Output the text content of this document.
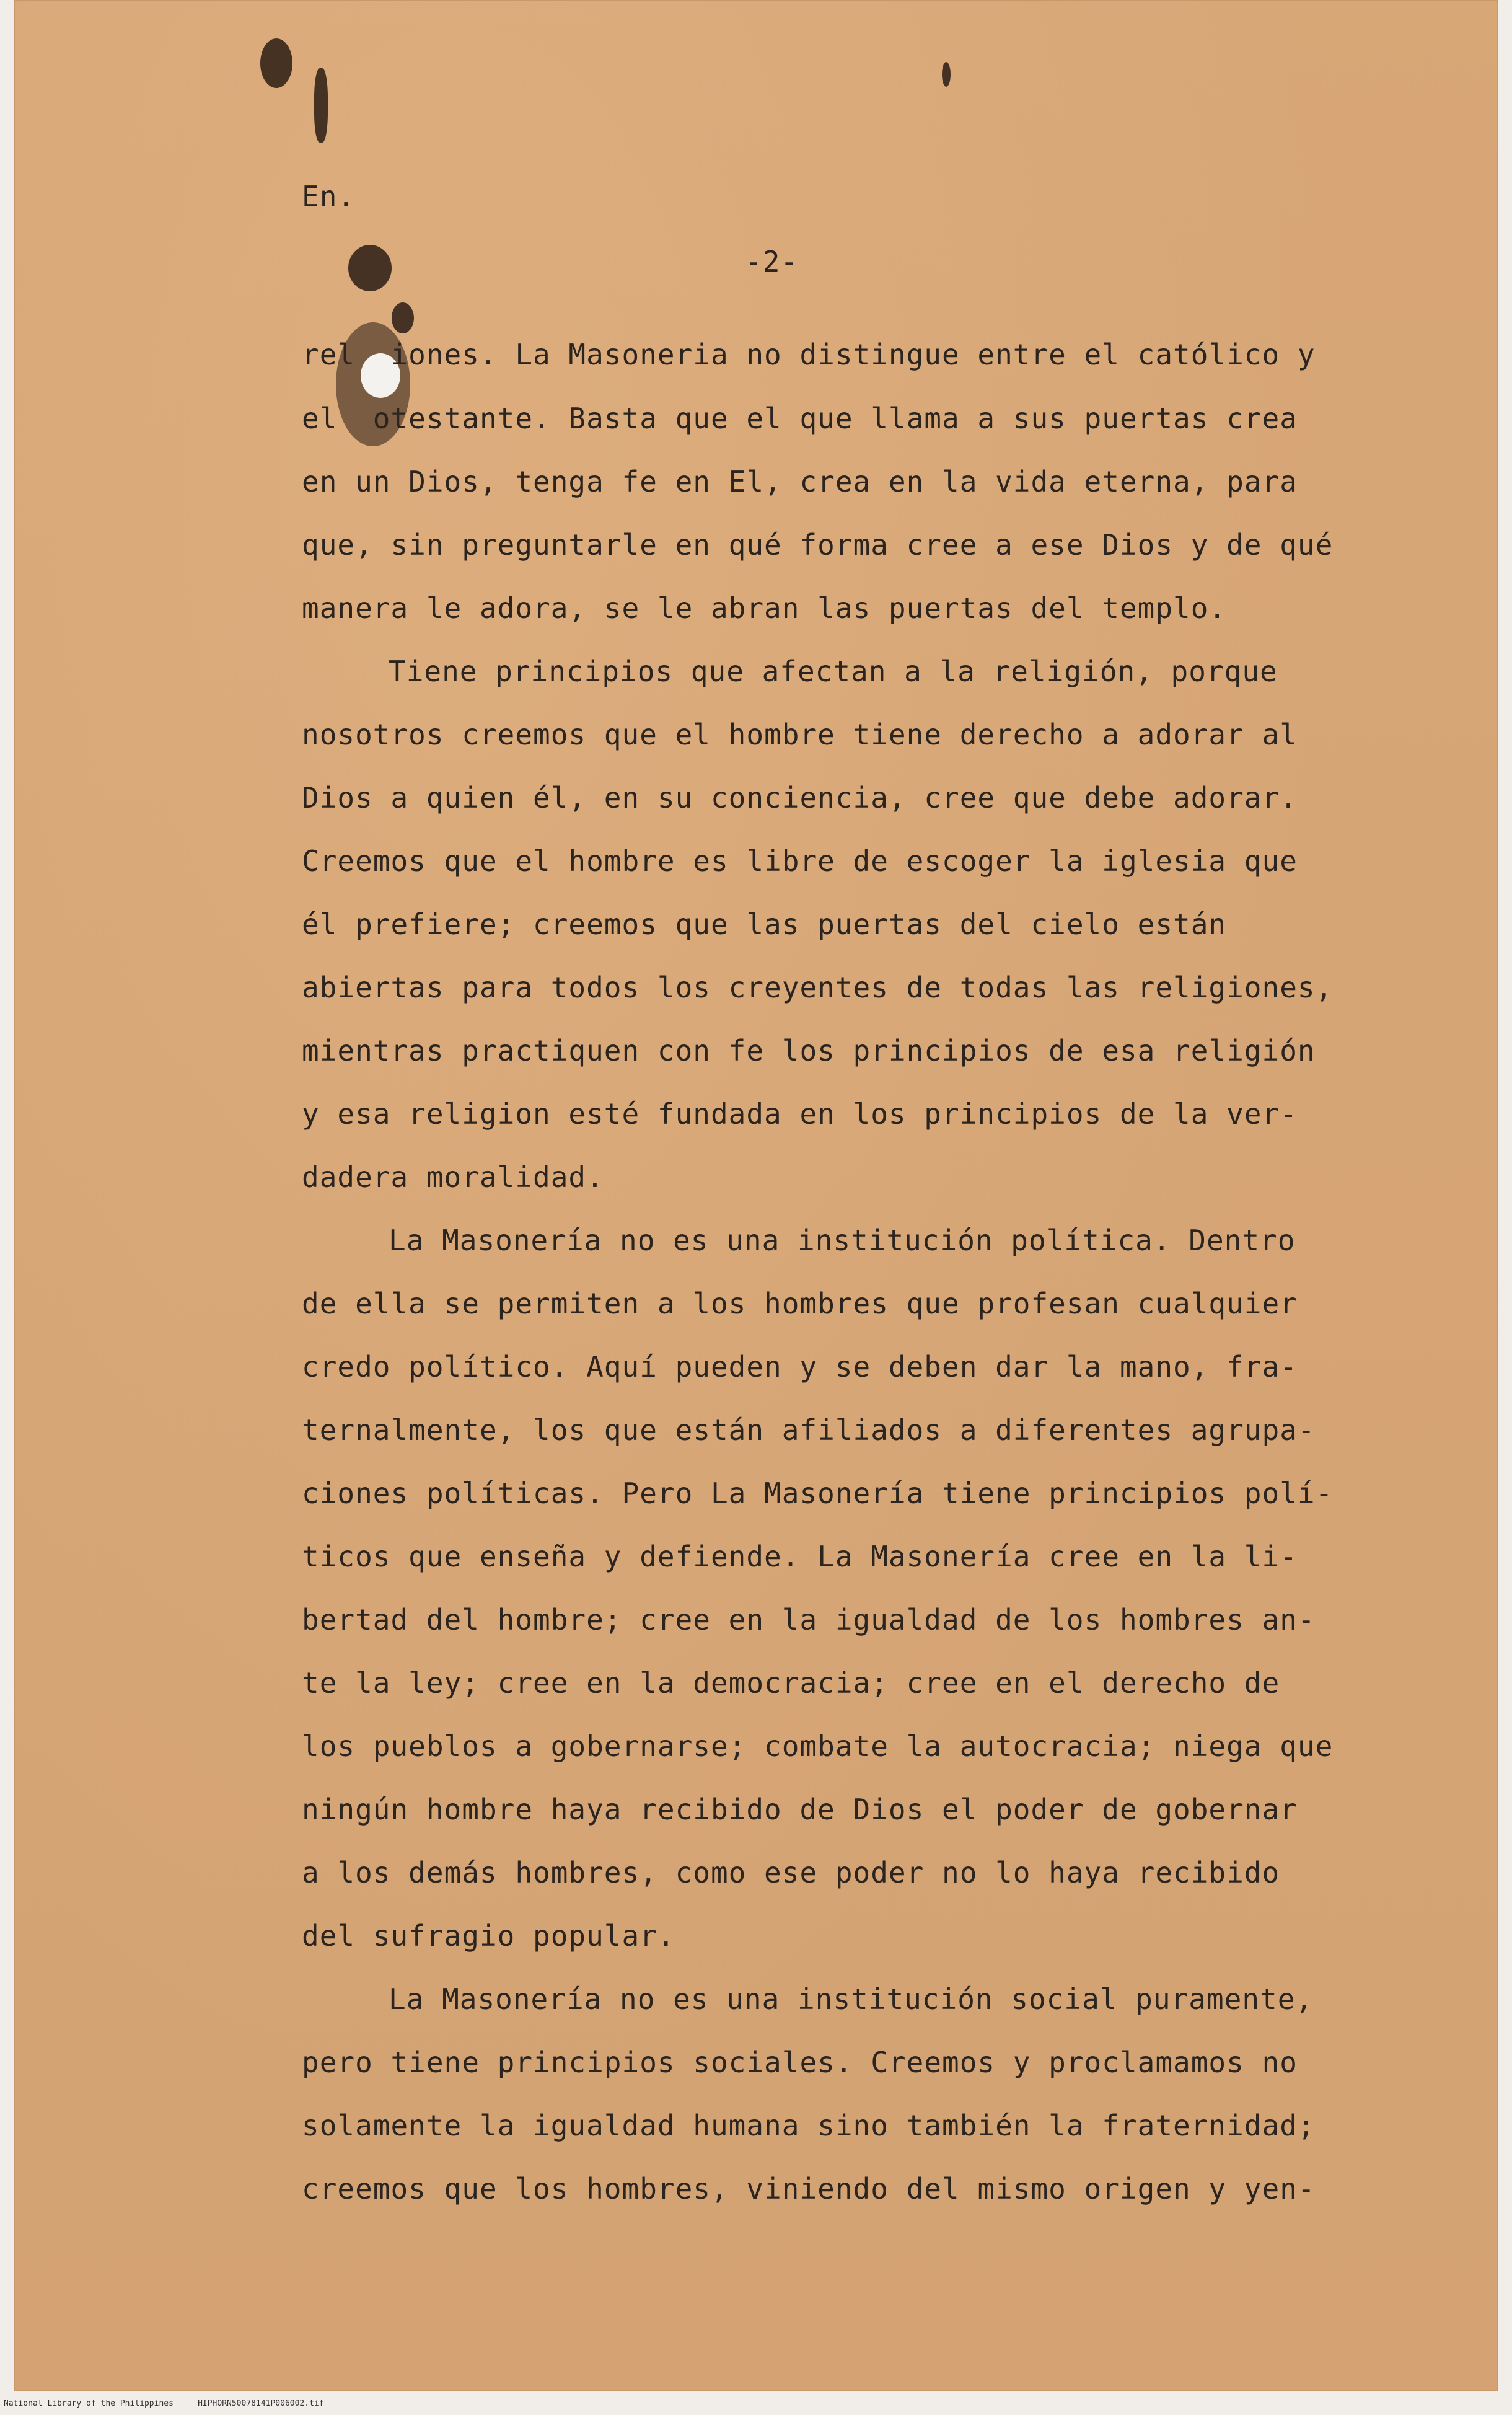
En.
-2-
rel  iones. La Masoneria no distingue entre el católico y
el  otestante. Basta que el que llama a sus puertas crea
en un Dios, tenga fe en El, crea en la vida eterna, para
que, sin preguntarle en qué forma cree a ese Dios y de qué
manera le adora, se le abran las puertas del templo.
Tiene principios que afectan a la religión, porque
nosotros creemos que el hombre tiene derecho a adorar al
Dios a quien él, en su conciencia, cree que debe adorar.
Creemos que el hombre es libre de escoger la iglesia que
él prefiere; creemos que las puertas del cielo están
abiertas para todos los creyentes de todas las religiones,
mientras practiquen con fe los principios de esa religión
y esa religion esté fundada en los principios de la ver-
dadera moralidad.
La Masonería no es una institución política. Dentro
de ella se permiten a los hombres que profesan cualquier
credo político. Aquí pueden y se deben dar la mano, fra-
ternalmente, los que están afiliados a diferentes agrupa-
ciones políticas. Pero La Masonería tiene principios polí-
ticos que enseña y defiende. La Masonería cree en la li-
bertad del hombre; cree en la igualdad de los hombres an-
te la ley; cree en la democracia; cree en el derecho de
los pueblos a gobernarse; combate la autocracia; niega que
ningún hombre haya recibido de Dios el poder de gobernar
a los demás hombres, como ese poder no lo haya recibido
del sufragio popular.
La Masonería no es una institución social puramente,
pero tiene principios sociales. Creemos y proclamamos no
solamente la igualdad humana sino también la fraternidad;
creemos que los hombres, viniendo del mismo origen y yen-
National Library of the Philippines     HIPHORN50078141P006002.tif
